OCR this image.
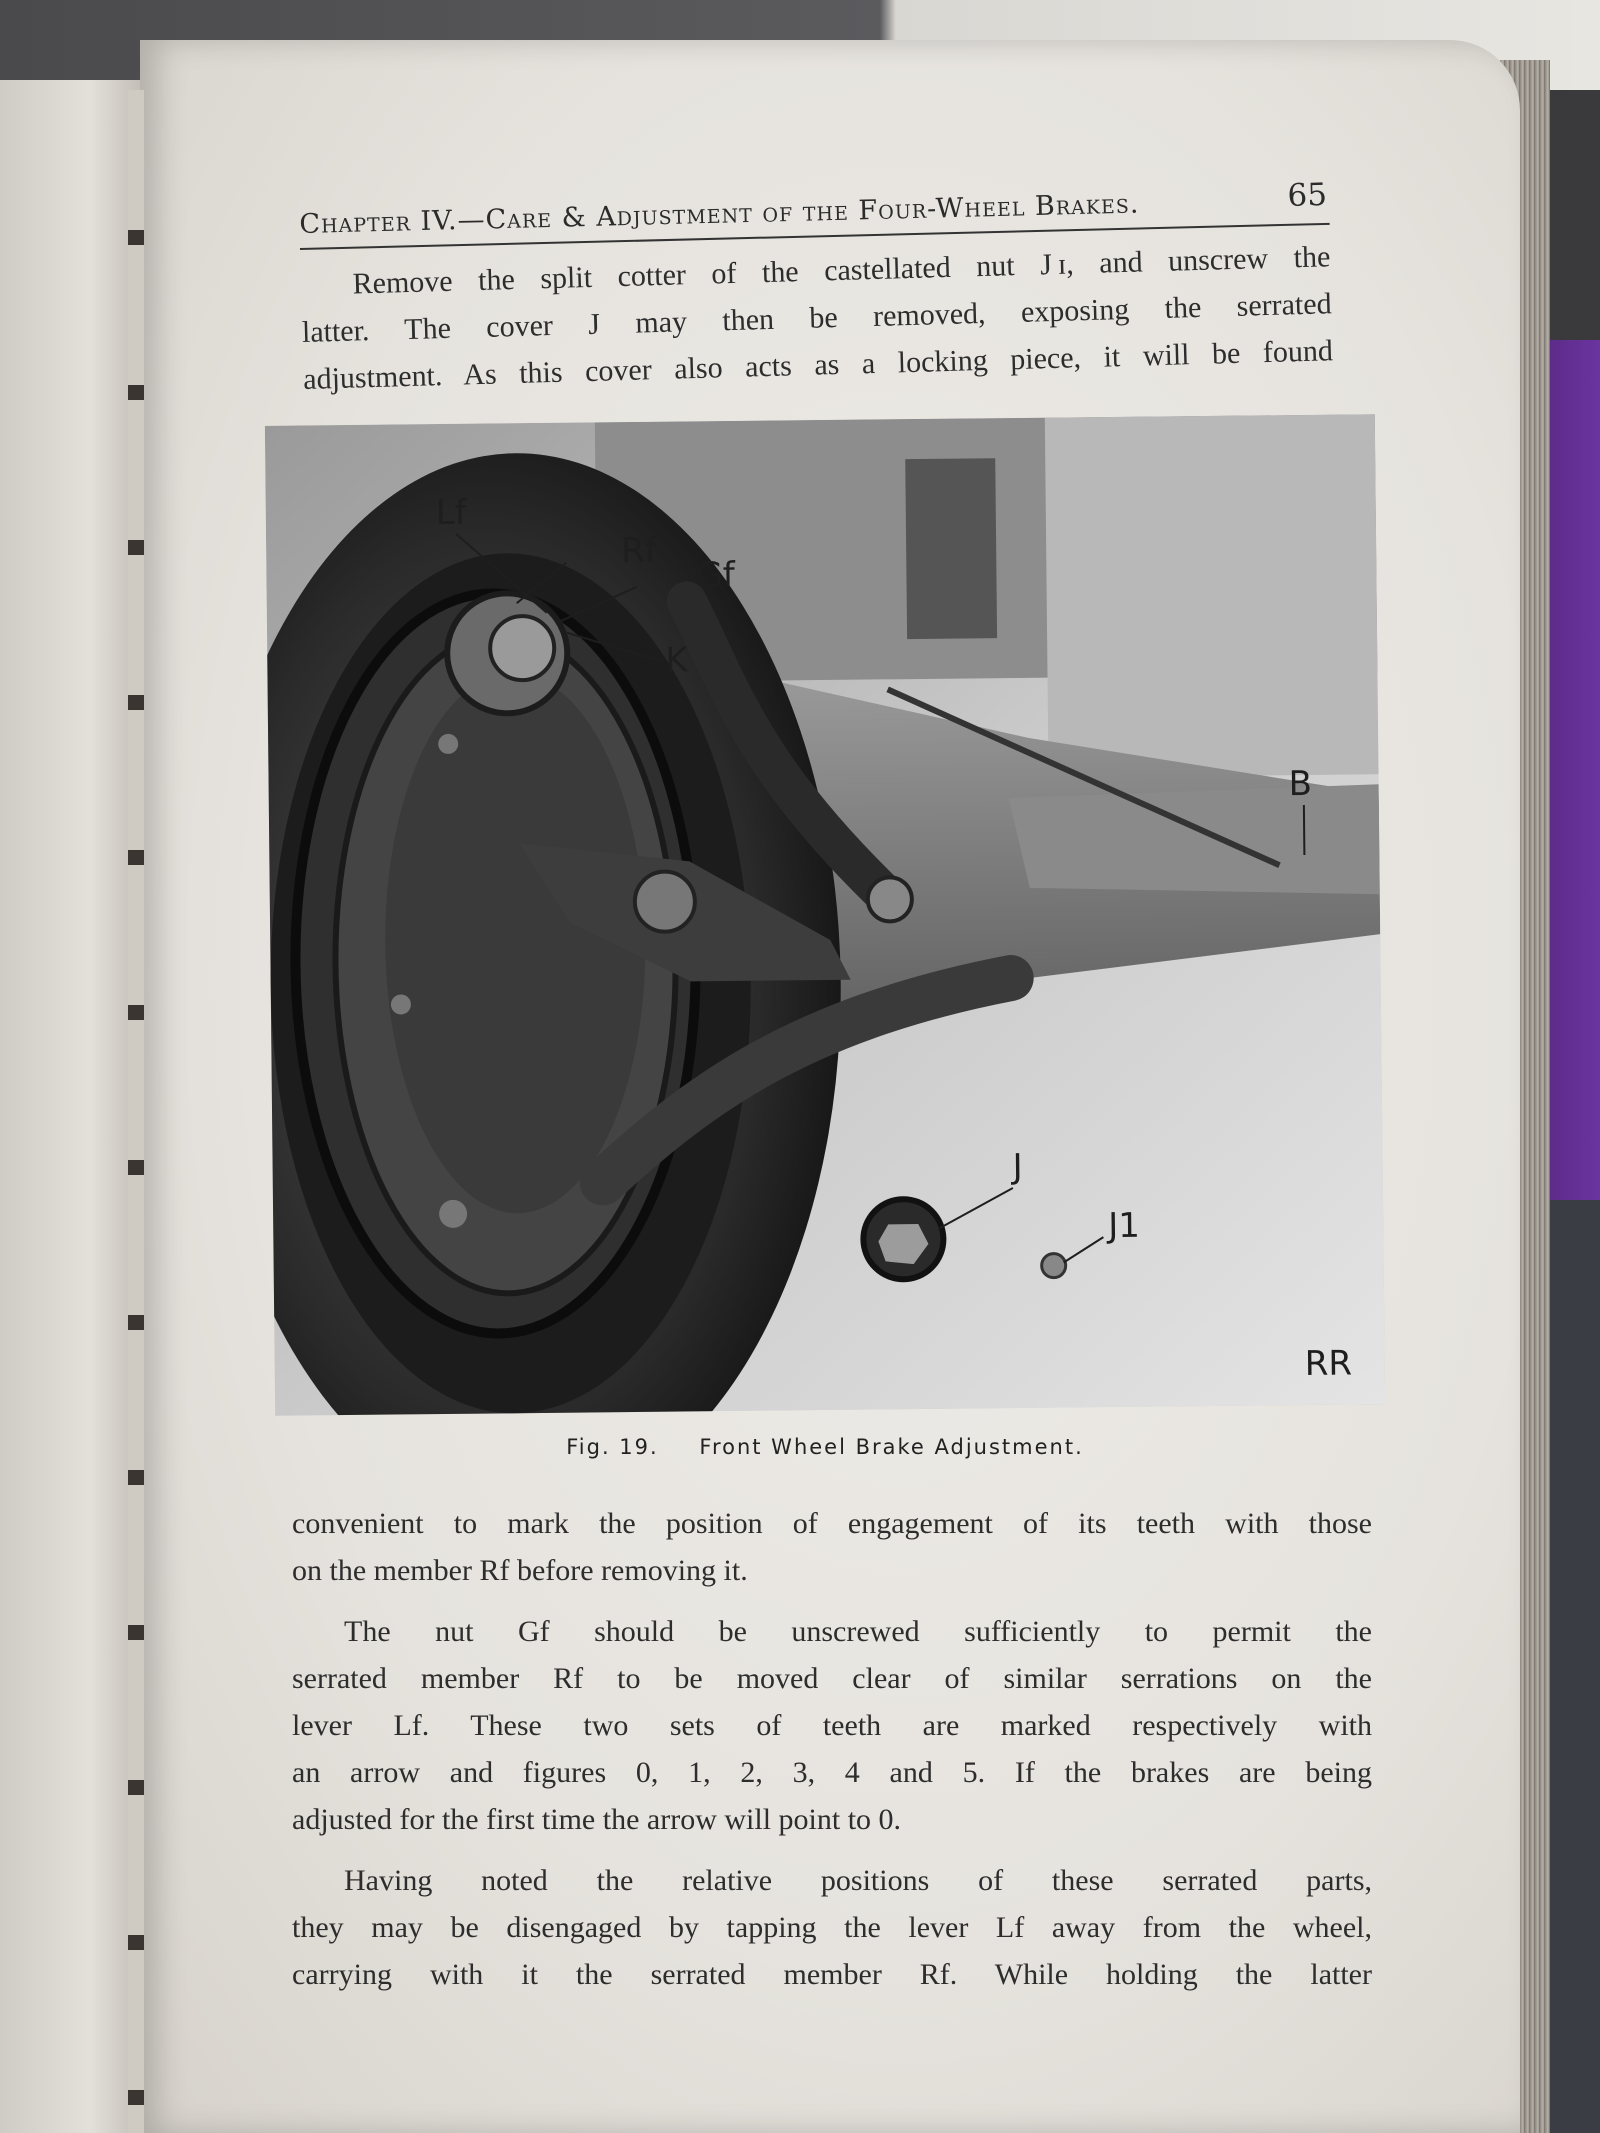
Chapter IV.—Care & Adjustment of the Four-Wheel Brakes.	65
Remove the split cotter of the castellated nut J ɪ, and unscrew the
latter. The cover J may then be removed, exposing the serrated
adjustment. As this cover also acts as a locking piece, it will be found
Lf
Rf
Gf
K
B
J
J1
RR
Fig. 19. Front Wheel Brake Adjustment.
convenient to mark the position of engagement of its teeth with those
on the member Rf before removing it.
The nut Gf should be unscrewed sufficiently to permit the
serrated member Rf to be moved clear of similar serrations on the
lever Lf. These two sets of teeth are marked respectively with
an arrow and figures 0, 1, 2, 3, 4 and 5. If the brakes are being
adjusted for the first time the arrow will point to 0.
Having noted the relative positions of these serrated parts,
they may be disengaged by tapping the lever Lf away from the wheel,
carrying with it the serrated member Rf. While holding the latter
